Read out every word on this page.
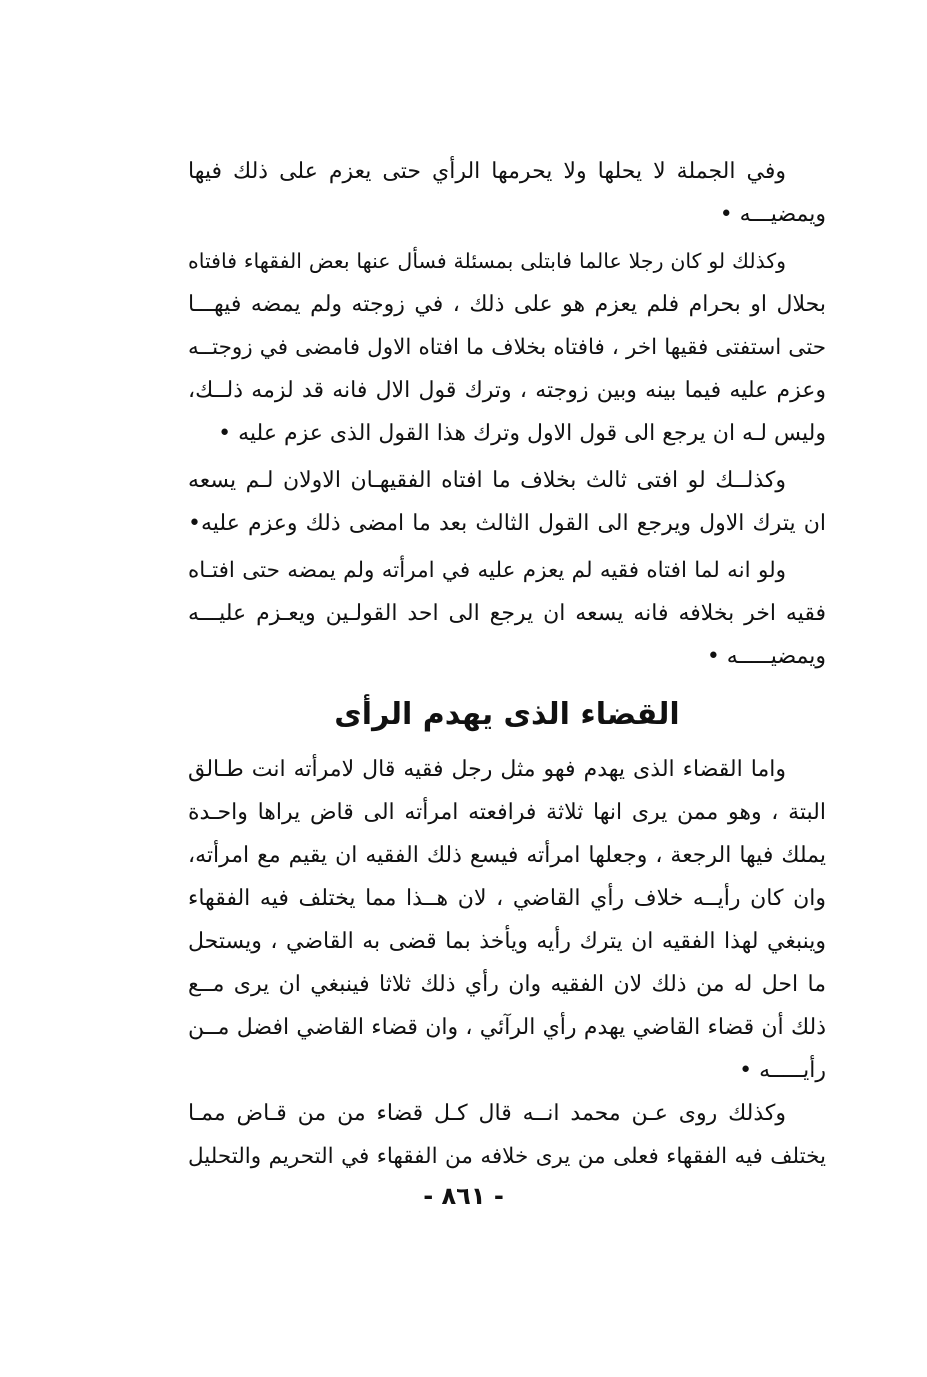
وفي الجملة لا يحلها ولا يحرمها الرأي حتى يعزم على ذلك فيها
ويمضيـــه •

وكذلك لو كان رجلا عالما فابتلى بمسئلة فسأل عنها بعض الفقهاء فافتاه
بحلال او بحرام فلم يعزم هو على ذلك ، في زوجته ولم يمضه فيهـــا
حتى استفتى فقيها اخر ، فافتاه بخلاف ما افتاه الاول فامضى في زوجتــه
وعزم عليه فيما بينه وبين زوجته ، وترك قول الال فانه قد لزمه ذلــك،
وليس لـه ان يرجع الى قول الاول وترك هذا القول الذى عزم عليه •

وكذلــك لو افتى ثالث بخلاف ما افتاه الفقيهـان الاولان لـم يسعه
ان يترك الاول ويرجع الى القول الثالث بعد ما امضى ذلك وعزم عليه•

ولو انه لما افتاه فقيه لم يعزم عليه في امرأته ولم يمضه حتى افتـاه
فقيه اخر بخلافه فانه يسعه ان يرجع الى احد القولـين ويعـزم عليـــه
ويمضيـــــه •

القضاء الذى يهدم الرأى

واما القضاء الذى يهدم فهو مثل رجل فقيه قال لامرأته انت طـالق
البتة ، وهو ممن يرى انها ثلاثة فرافعته امرأته الى قاض يراها واحـدة
يملك فيها الرجعة ، وجعلها امرأته فيسع ذلك الفقيه ان يقيم مع امرأته،
وان كان رأيــه خلاف رأي القاضي ، لان هــذا مما يختلف فيه الفقهاء
وينبغي لهذا الفقيه ان يترك رأيه ويأخذ بما قضى به القاضي ، ويستحل
ما احل له من ذلك لان الفقيه وان رأي ذلك ثلاثا فينبغي ان يرى مــع
ذلك أن قضاء القاضي يهدم رأي الرآئي ، وان قضاء القاضي افضل مــن
رأيـــــه •

وكذلك روى عـن محمد انــه قال كـل قضاء من من قـاض ممـا
يختلف فيه الفقهاء فعلى من يرى خلافه من الفقهاء في التحريم والتحليل

- ٨٦١ -
